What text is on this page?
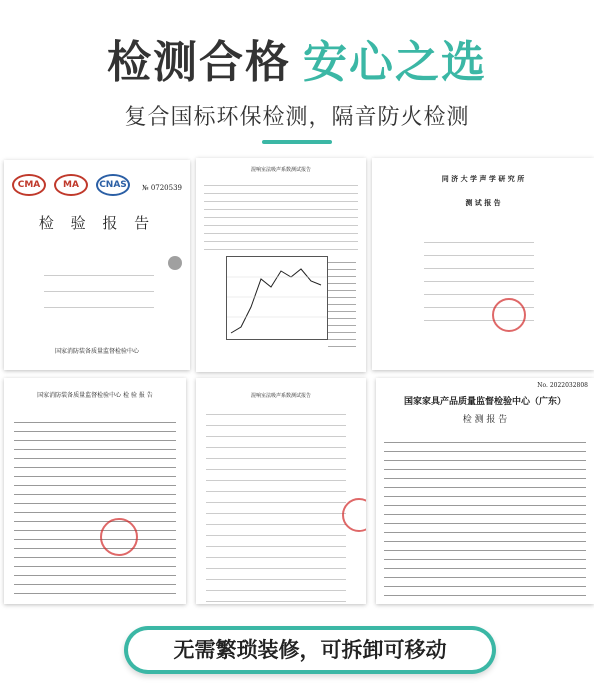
检测合格 安心之选
复合国标环保检测，隔音防火检测
CMA	MA	CNAS	№ 0720539
检 验 报 告
国家消防装备质量监督检验中心
混响室法吸声系数测试报告
同 济 大 学 声 学 研 究 所
测 试 报 告
国家消防装备质量监督检验中心 检 验 报 告	混响室法吸声系数测试报告
No. 2022032808
国家家具产品质量监督检验中心（广东）
检 测 报 告
无需繁琐装修，可拆卸可移动
